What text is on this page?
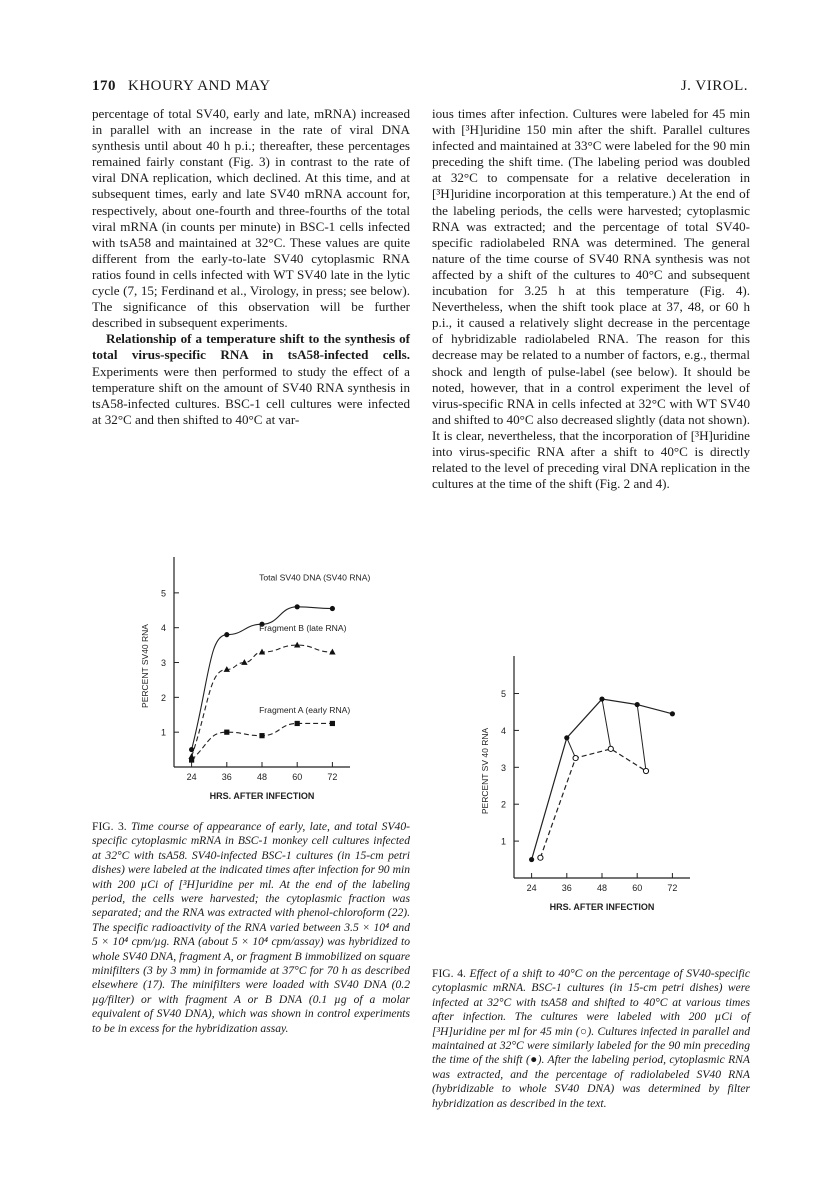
170 KHOURY AND MAY	J. VIROL.

percentage of total SV40, early and late, mRNA) increased in parallel with an increase in the rate of viral DNA synthesis until about 40 h p.i.; thereafter, these percentages remained fairly constant (Fig. 3) in contrast to the rate of viral DNA replication, which declined. At this time, and at subsequent times, early and late SV40 mRNA account for, respectively, about one-fourth and three-fourths of the total viral mRNA (in counts per minute) in BSC-1 cells infected with tsA58 and maintained at 32°C. These values are quite different from the early-to-late SV40 cytoplasmic RNA ratios found in cells infected with WT SV40 late in the lytic cycle (7, 15; Ferdinand et al., Virology, in press; see below). The significance of this observation will be further described in subsequent experiments.

Relationship of a temperature shift to the synthesis of total virus-specific RNA in tsA58-infected cells. Experiments were then performed to study the effect of a temperature shift on the amount of SV40 RNA synthesis in tsA58-infected cultures. BSC-1 cell cultures were infected at 32°C and then shifted to 40°C at var-

ious times after infection. Cultures were labeled for 45 min with [³H]uridine 150 min after the shift. Parallel cultures infected and maintained at 33°C were labeled for the 90 min preceding the shift time. (The labeling period was doubled at 32°C to compensate for a relative deceleration in [³H]uridine incorporation at this temperature.) At the end of the labeling periods, the cells were harvested; cytoplasmic RNA was extracted; and the percentage of total SV40-specific radiolabeled RNA was determined. The general nature of the time course of SV40 RNA synthesis was not affected by a shift of the cultures to 40°C and subsequent incubation for 3.25 h at this temperature (Fig. 4). Nevertheless, when the shift took place at 37, 48, or 60 h p.i., it caused a relatively slight decrease in the percentage of hybridizable radiolabeled RNA. The reason for this decrease may be related to a number of factors, e.g., thermal shock and length of pulse-label (see below). It should be noted, however, that in a control experiment the level of virus-specific RNA in cells infected at 32°C with WT SV40 and shifted to 40°C also decreased slightly (data not shown). It is clear, nevertheless, that the incorporation of [³H]uridine into virus-specific RNA after a shift to 40°C is directly related to the level of preceding viral DNA replication in the cultures at the time of the shift (Fig. 2 and 4).

1
2
3
4
5
24	36	48	60	72
HRS. AFTER INFECTION
PERCENT SV40 RNA
Total SV40 DNA (SV40 RNA)
Fragment B (late RNA)
Fragment A (early RNA)
1
2
3
4
5
24	36	48	60	72
HRS. AFTER INFECTION
PERCENT SV 40 RNA
FIG. 3. Time course of appearance of early, late, and total SV40-specific cytoplasmic mRNA in BSC-1 monkey cell cultures infected at 32°C with tsA58. SV40-infected BSC-1 cultures (in 15-cm petri dishes) were labeled at the indicated times after infection for 90 min with 200 µCi of [³H]uridine per ml. At the end of the labeling period, the cells were harvested; the cytoplasmic fraction was separated; and the RNA was extracted with phenol-chloroform (22). The specific radioactivity of the RNA varied between 3.5 × 10⁴ and 5 × 10⁴ cpm/µg. RNA (about 5 × 10⁴ cpm/assay) was hybridized to whole SV40 DNA, fragment A, or fragment B immobilized on square minifilters (3 by 3 mm) in formamide at 37°C for 70 h as described elsewhere (17). The minifilters were loaded with SV40 DNA (0.2 µg/filter) or with fragment A or B DNA (0.1 µg of a molar equivalent of SV40 DNA), which was shown in control experiments to be in excess for the hybridization assay.
FIG. 4. Effect of a shift to 40°C on the percentage of SV40-specific cytoplasmic mRNA. BSC-1 cultures (in 15-cm petri dishes) were infected at 32°C with tsA58 and shifted to 40°C at various times after infection. The cultures were labeled with 200 µCi of [³H]uridine per ml for 45 min (○). Cultures infected in parallel and maintained at 32°C were similarly labeled for the 90 min preceding the time of the shift (●). After the labeling period, cytoplasmic RNA was extracted, and the percentage of radiolabeled SV40 RNA (hybridizable to whole SV40 DNA) was determined by filter hybridization as described in the text.
